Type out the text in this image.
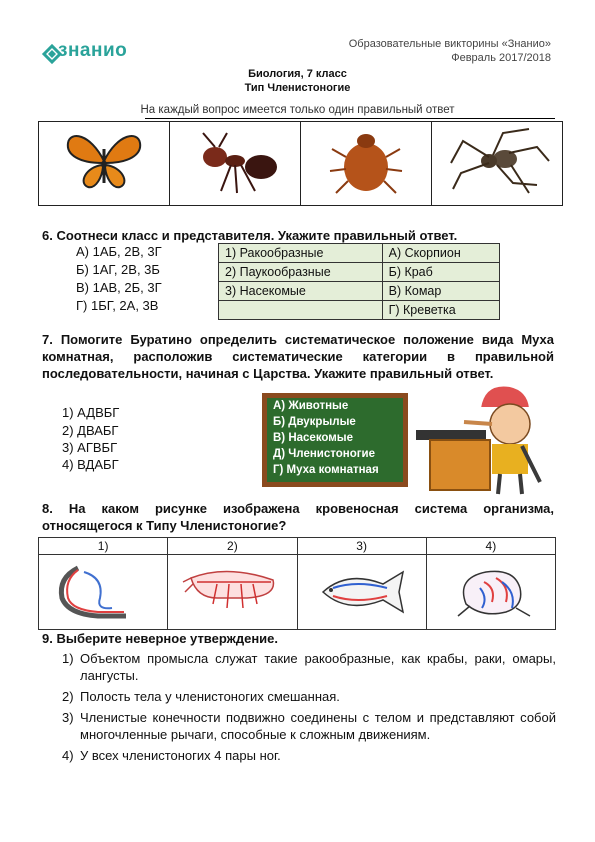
знанио	Образовательные викторины «Знанио»
Февраль 2017/2018
Биология, 7 класс
Тип Членистоногие
На каждый вопрос имеется только один правильный ответ

6. Соотнеси класс и представителя. Укажите правильный ответ.
А) 1АБ, 2В, 3Г
Б) 1АГ, 2В, 3Б
В) 1АВ, 2Б, 3Г
Г) 1БГ, 2А, 3В
1) Ракообразные	А) Скорпион
2) Паукообразные	Б) Краб
3) Насекомые	В) Комар
	Г) Креветка
7. Помогите Буратино определить систематическое положение вида Муха комнатная, расположив систематические категории в правильной последовательности, начиная с Царства. Укажите правильный ответ.
1) АДВБГ
2) ДВАБГ
3) АГВБГ
4) ВДАБГ
А) Животные
Б) Двукрылые
В) Насекомые
Д) Членистоногие
Г) Муха комнатная
8. На каком рисунке изображена кровеносная система организма, относящегося к Типу Членистоногие?
1)	2)	3)	4)

9. Выберите неверное утверждение.
1) Объектом промысла служат такие ракообразные, как крабы, раки, омары, лангусты.
2) Полость тела у членистоногих смешанная.
3) Членистые конечности подвижно соединены с телом и представляют собой многочленные рычаги, способные к сложным движениям.
4) У всех членистоногих 4 пары ног.
